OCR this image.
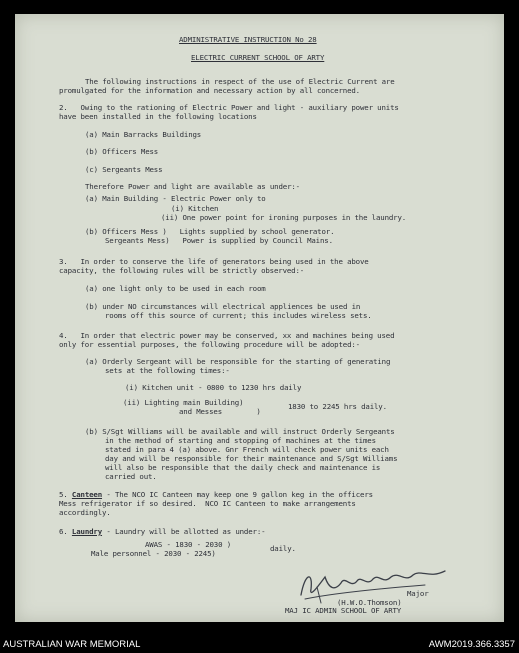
ADMINISTRATIVE INSTRUCTION No 28
ELECTRIC CURRENT SCHOOL OF ARTY
The following instructions in respect of the use of Electric Current are
promulgated for the information and necessary action by all concerned.
2.   Owing to the rationing of Electric Power and light - auxiliary power units
have been installed in the following locations
(a) Main Barracks Buildings
(b) Officers Mess
(c) Sergeants Mess
Therefore Power and light are available as under:-
(a) Main Building - Electric Power only to
(i) Kitchen
(ii) One power point for ironing purposes in the laundry.
(b) Officers Mess )   Lights supplied by school generator.
Sergeants Mess)   Power is supplied by Council Mains.
3.   In order to conserve the life of generators being used in the above
capacity, the following rules will be strictly observed:-
(a) one light only to be used in each room
(b) under NO circumstances will electrical appliences be used in
rooms off this source of current; this includes wireless sets.
4.   In order that electric power may be conserved, xx and machines being used
only for essential purposes, the following procedure will be adopted:-
(a) Orderly Sergeant will be responsible for the starting of generating
sets at the following times:-
(i) Kitchen unit - 0800 to 1230 hrs daily
(ii) Lighting main Building)
and Messes        )
1830 to 2245 hrs daily.
(b) S/Sgt Williams will be available and will instruct Orderly Sergeants
in the method of starting and stopping of machines at the times
stated in para 4 (a) above. Gnr French will check power units each
day and will be responsible for their maintenance and S/Sgt Williams
will also be responsible that the daily check and maintenance is
carried out.
5. Canteen - The NCO IC Canteen may keep one 9 gallon keg in the officers
Mess refrigerator if so desired.  NCO IC Canteen to make arrangements
accordingly.
6. Laundry - Laundry will be allotted as under:-
AWAS - 1830 - 2030 )	daily.
Male personnel - 2030 - 2245)
Major
(H.W.O.Thomson)
MAJ IC ADMIN SCHOOL OF ARTY
AUSTRALIAN WAR MEMORIAL	AWM2019.366.3357
